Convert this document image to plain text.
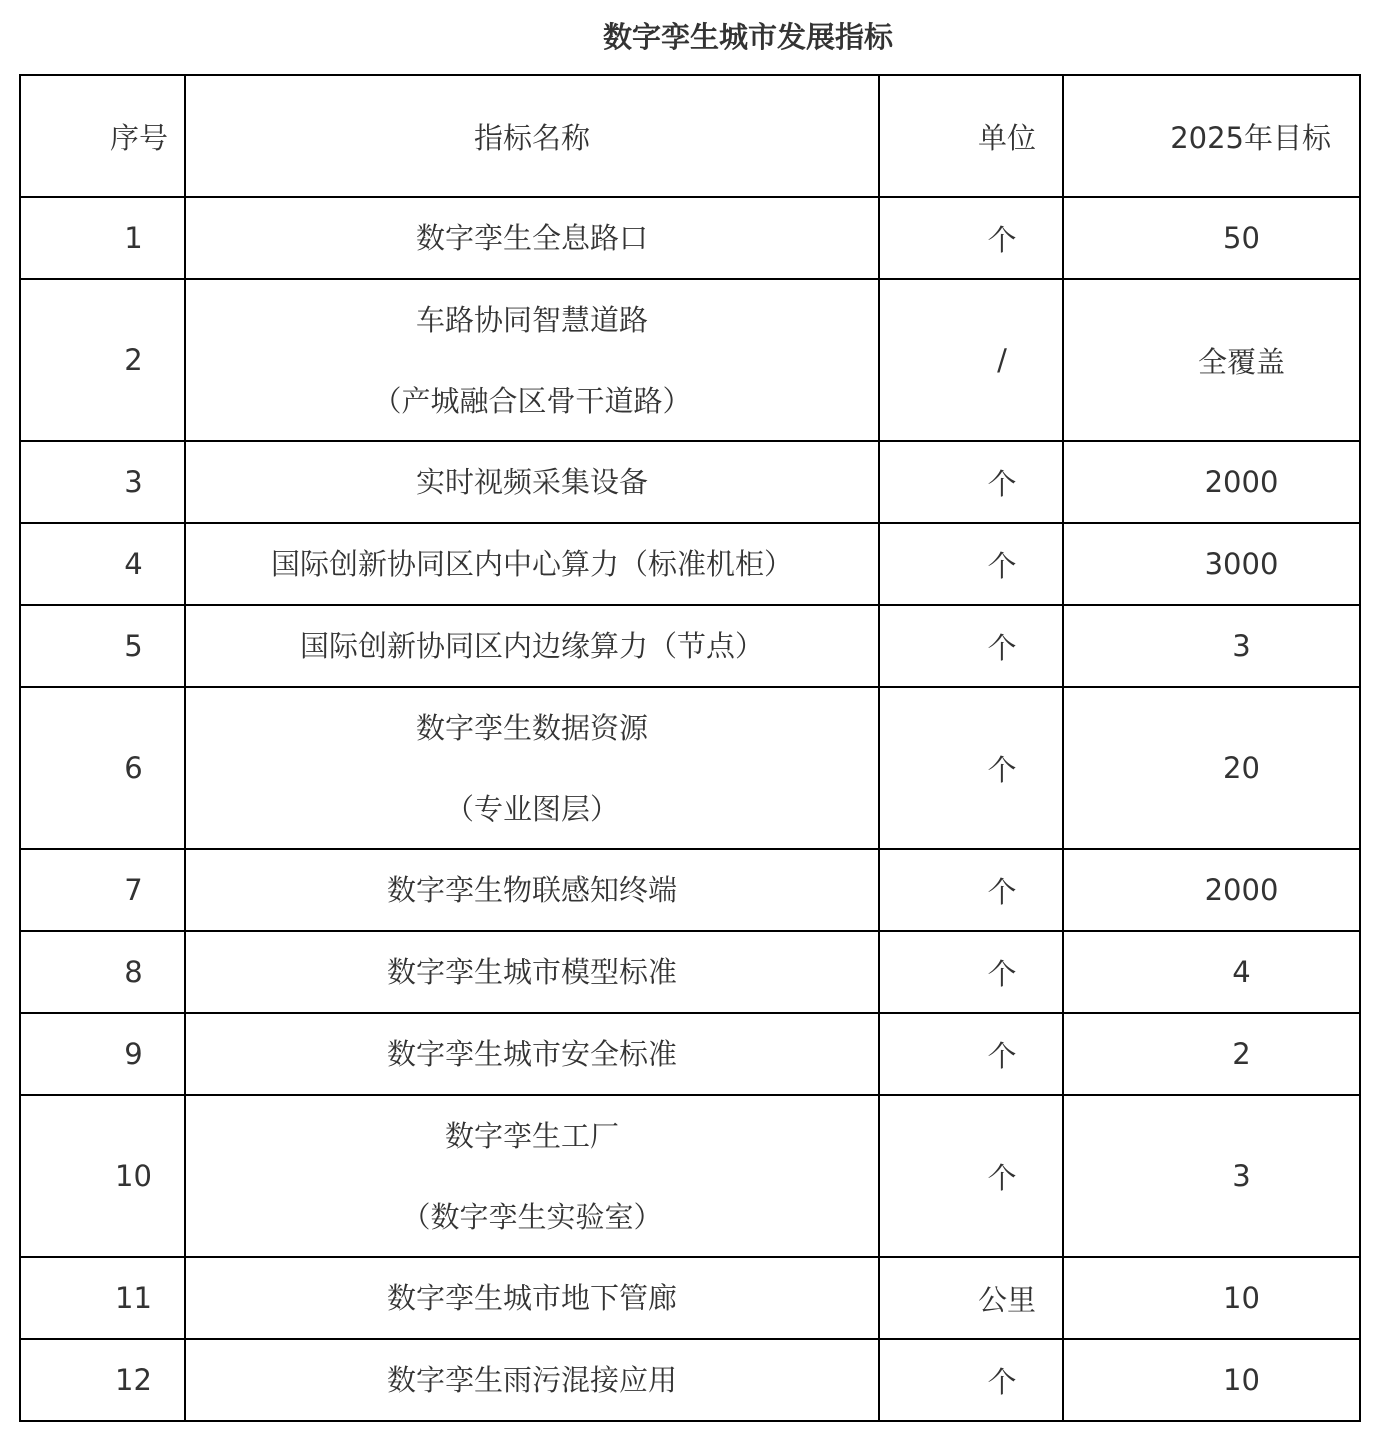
数字孪生城市发展指标
序号	指标名称	单位	2025年目标
1	数字孪生全息路口	个	50
2	车路协同智慧道路
（产城融合区骨干道路）	/	全覆盖
3	实时视频采集设备	个	2000
4	国际创新协同区内中心算力（标准机柜）	个	3000
5	国际创新协同区内边缘算力（节点）	个	3
6	数字孪生数据资源
（专业图层）	个	20
7	数字孪生物联感知终端	个	2000
8	数字孪生城市模型标准	个	4
9	数字孪生城市安全标准	个	2
10	数字孪生工厂
（数字孪生实验室）	个	3
11	数字孪生城市地下管廊	公里	10
12	数字孪生雨污混接应用	个	10
